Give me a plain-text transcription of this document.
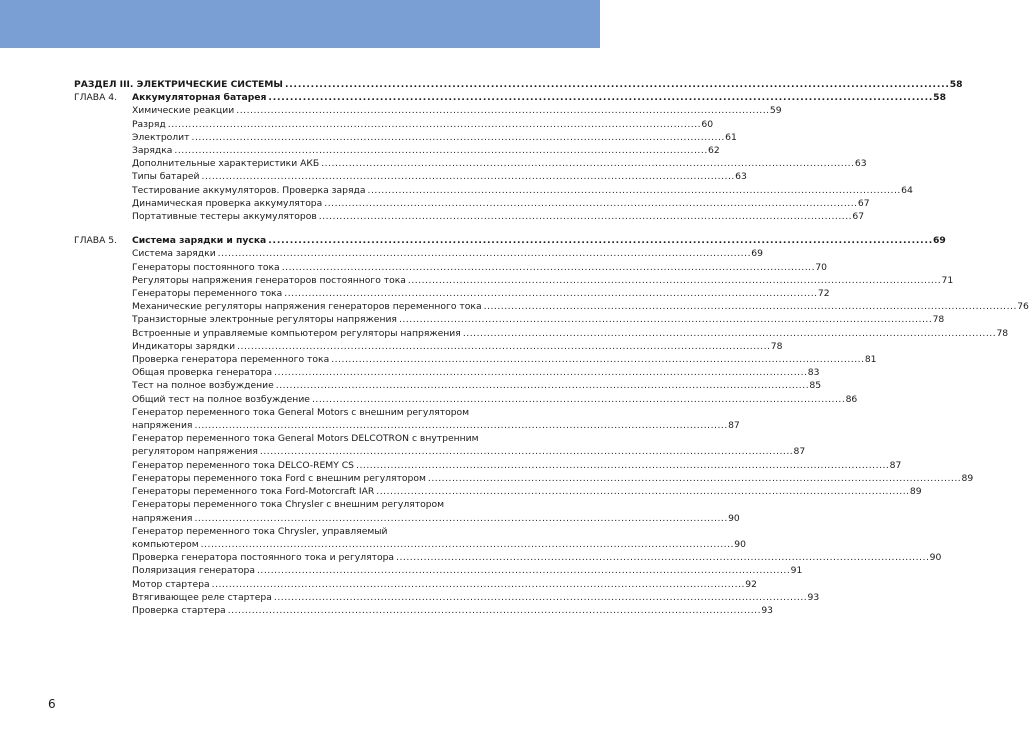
РАЗДЕЛ III. ЭЛЕКТРИЧЕСКИЕ СИСТЕМЫ . . .	58
ГЛАВА 4.	Аккумуляторная батарея . . .	58
Химические реакции . . .	59
Разряд . . .	60
Электролит . . .	61
Зарядка . . .	62
Дополнительные характеристики АКБ . . .	63
Типы батарей . . .	63
Тестирование аккумуляторов. Проверка заряда . . .	64
Динамическая проверка аккумулятора . . .	67
Портативные тестеры аккумуляторов . . .	67
ГЛАВА 5.	Система зарядки и пуска . . .	69
Система зарядки . . .	69
Генераторы постоянного тока . . .	70
Регуляторы напряжения генераторов постоянного тока . . .	71
Генераторы переменного тока . . .	72
Механические регуляторы напряжения генераторов переменного тока . . .	76
Транзисторные электронные регуляторы напряжения . . .	78
Встроенные и управляемые компьютером регуляторы напряжения . . .	78
Индикаторы зарядки . . .	78
Проверка генератора переменного тока . . .	81
Общая проверка генератора . . .	83
Тест на полное возбуждение . . .	85
Общий тест на полное возбуждение . . .	86
Генератор переменного тока General Motors с внешним регулятором
напряжения . . .	87
Генератор переменного тока General Motors DELCOTRON с внутренним
регулятором напряжения . . .	87
Генератор переменного тока DELCO-REMY CS . . .	87
Генераторы переменного тока Ford с внешним регулятором . . .	89
Генераторы переменного тока Ford-Motorcraft IAR . . .	89
Генераторы переменного тока Chrysler с внешним регулятором
напряжения . . .	90
Генератор переменного тока Chrysler, управляемый
компьютером . . .	90
Проверка генератора постоянного тока и регулятора . . .	90
Поляризация генератора . . .	91
Мотор стартера . . .	92
Втягивающее реле стартера . . .	93
Проверка стартера . . .	93
6
